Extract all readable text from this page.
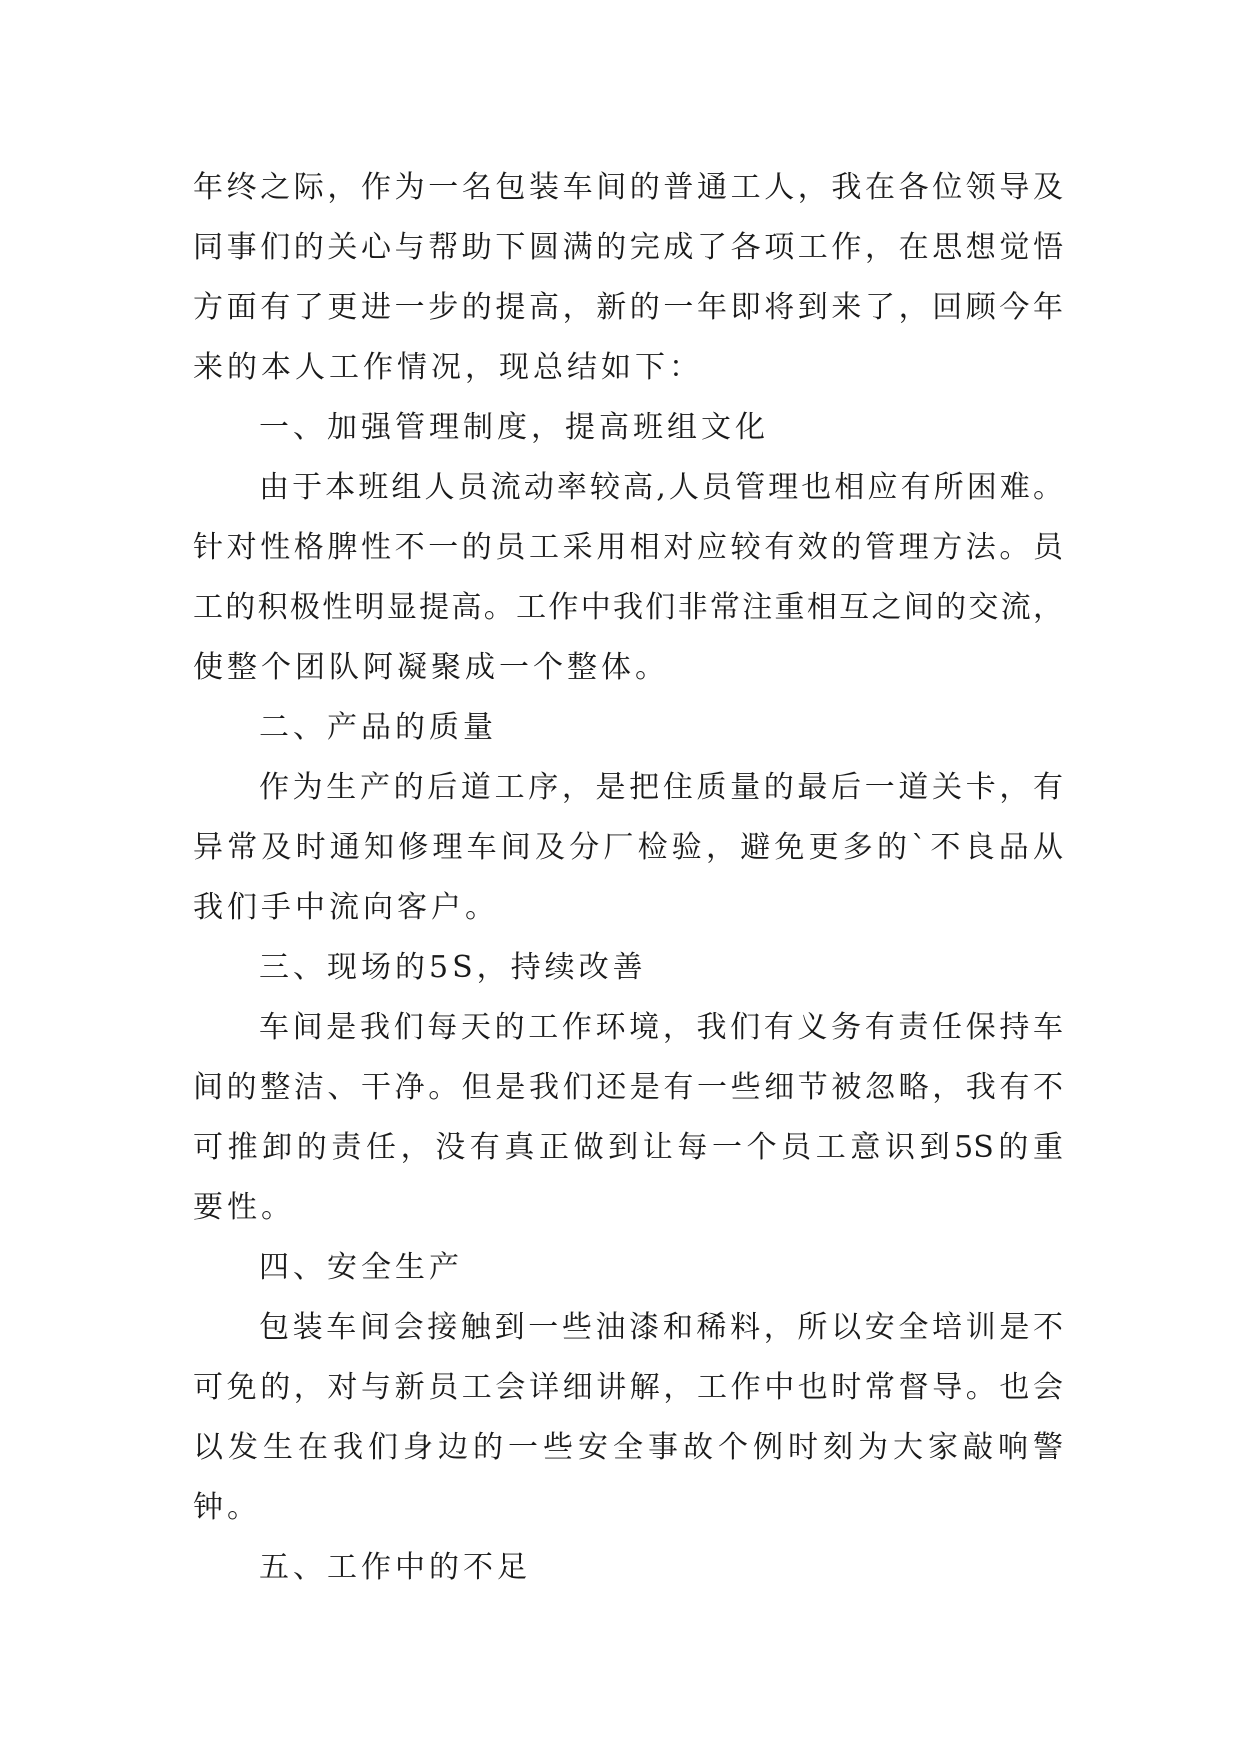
年终之际，作为一名包装车间的普通工人，我在各位领导及
同事们的关心与帮助下圆满的完成了各项工作，在思想觉悟
方面有了更进一步的提高，新的一年即将到来了，回顾今年
来的本人工作情况，现总结如下：
一、加强管理制度，提高班组文化
由于本班组人员流动率较高,人员管理也相应有所困难。
针对性格脾性不一的员工采用相对应较有效的管理方法。员
工的积极性明显提高。工作中我们非常注重相互之间的交流，
使整个团队阿凝聚成一个整体。
二、产品的质量
作为生产的后道工序，是把住质量的最后一道关卡，有
异常及时通知修理车间及分厂检验，避免更多的`不良品从
我们手中流向客户。
三、现场的5S，持续改善
车间是我们每天的工作环境，我们有义务有责任保持车
间的整洁、干净。但是我们还是有一些细节被忽略，我有不
可推卸的责任，没有真正做到让每一个员工意识到5S的重
要性。
四、安全生产
包装车间会接触到一些油漆和稀料，所以安全培训是不
可免的，对与新员工会详细讲解，工作中也时常督导。也会
以发生在我们身边的一些安全事故个例时刻为大家敲响警
钟。
五、工作中的不足
